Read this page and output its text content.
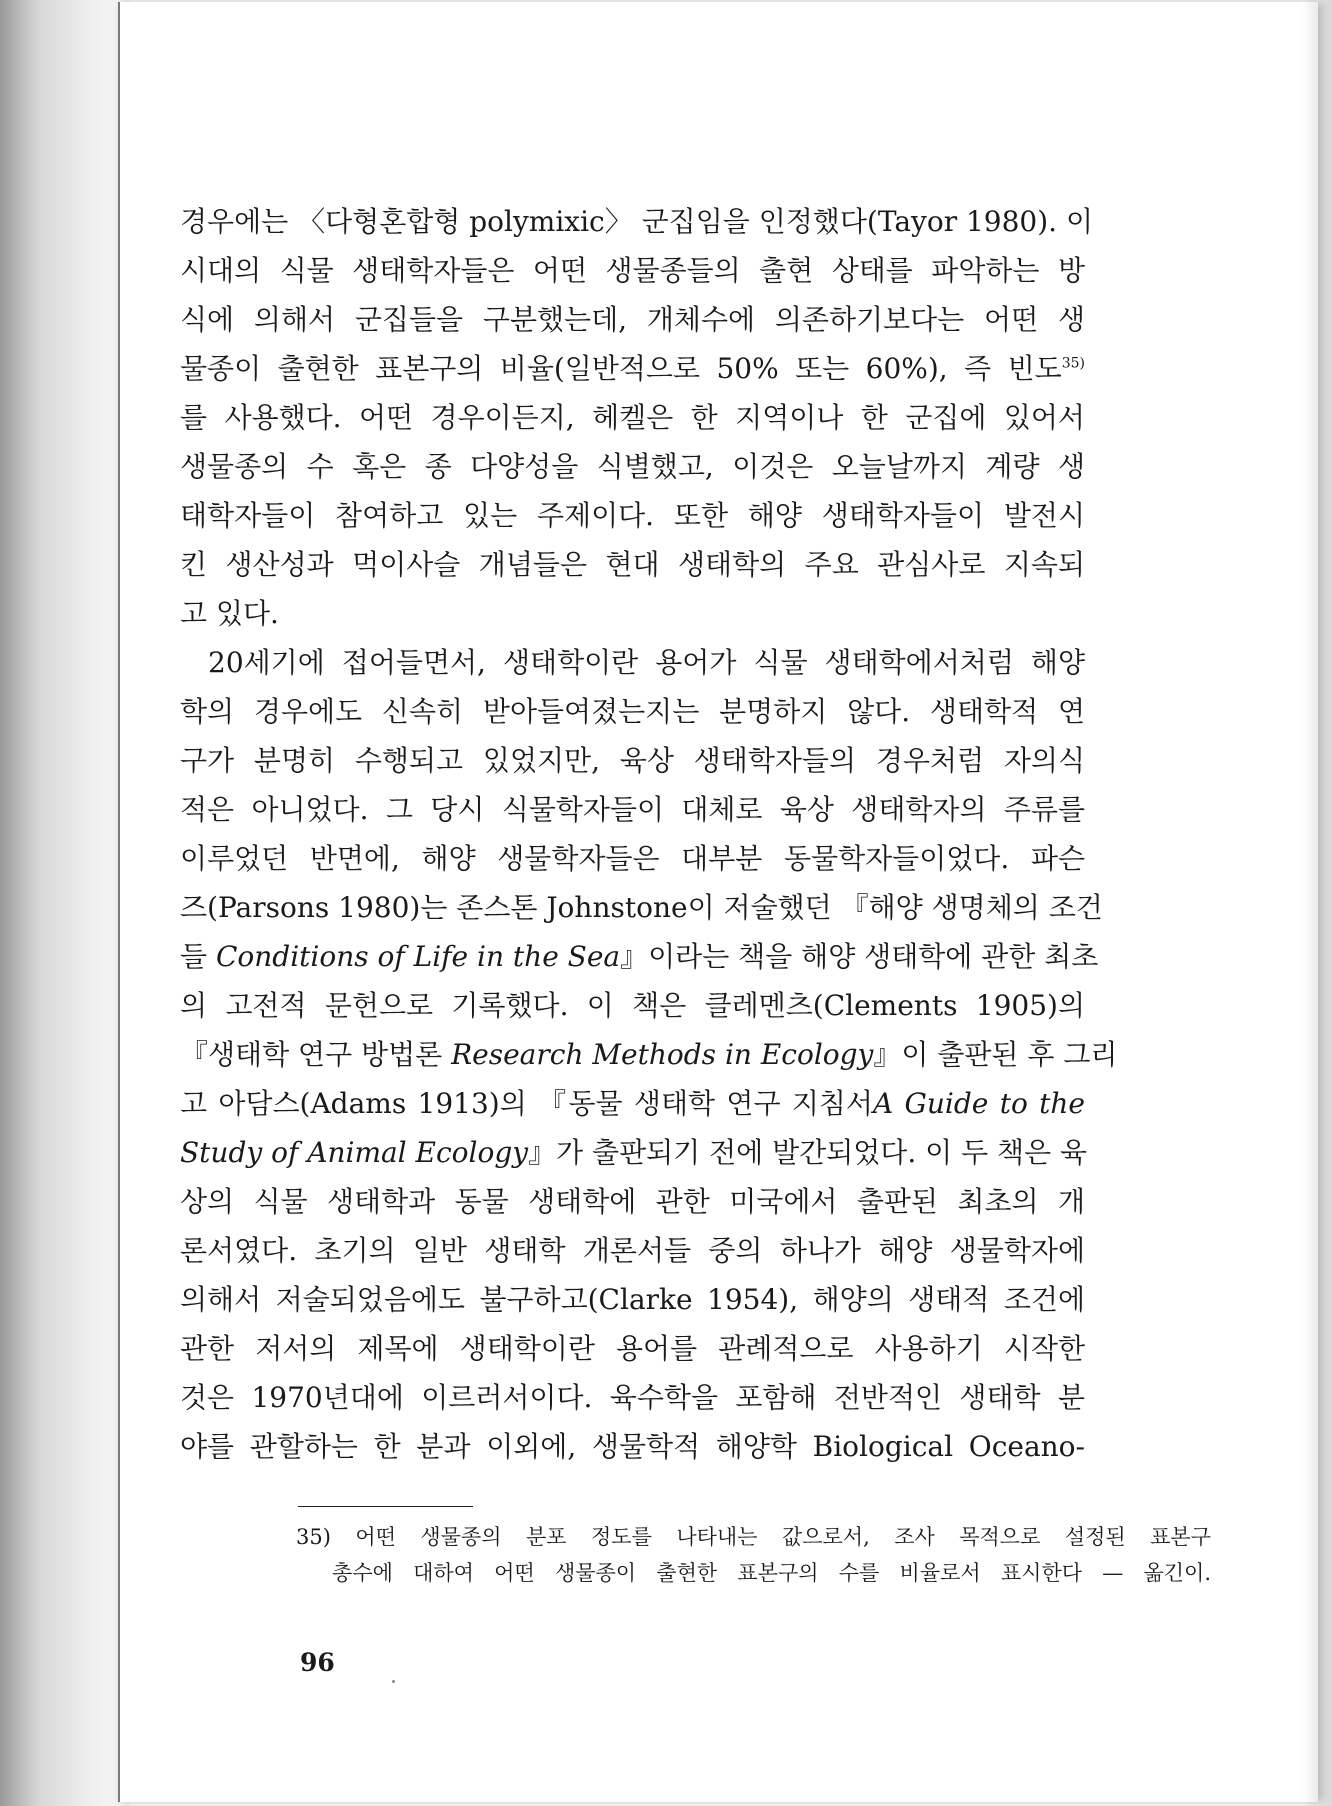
경우에는 〈다형혼합형 polymixic〉 군집임을 인정했다(Tayor 1980). 이
시대의 식물 생태학자들은 어떤 생물종들의 출현 상태를 파악하는 방
식에 의해서 군집들을 구분했는데, 개체수에 의존하기보다는 어떤 생
물종이 출현한 표본구의 비율(일반적으로 50% 또는 60%), 즉 빈도$^{35)}$
를 사용했다. 어떤 경우이든지, 헤켈은 한 지역이나 한 군집에 있어서
생물종의 수 혹은 종 다양성을 식별했고, 이것은 오늘날까지 계량 생
태학자들이 참여하고 있는 주제이다. 또한 해양 생태학자들이 발전시
킨 생산성과 먹이사슬 개념들은 현대 생태학의 주요 관심사로 지속되
고 있다.
20세기에 접어들면서, 생태학이란 용어가 식물 생태학에서처럼 해양
학의 경우에도 신속히 받아들여졌는지는 분명하지 않다. 생태학적 연
구가 분명히 수행되고 있었지만, 육상 생태학자들의 경우처럼 자의식
적은 아니었다. 그 당시 식물학자들이 대체로 육상 생태학자의 주류를
이루었던 반면에, 해양 생물학자들은 대부분 동물학자들이었다. 파슨
즈(Parsons 1980)는 존스톤 Johnstone이 저술했던 『해양 생명체의 조건
들 Conditions of Life in the Sea』이라는 책을 해양 생태학에 관한 최초
의 고전적 문헌으로 기록했다. 이 책은 클레멘츠(Clements 1905)의
『생태학 연구 방법론 Research Methods in Ecology』이 출판된 후 그리
고 아담스(Adams 1913)의 『동물 생태학 연구 지침서A Guide to the
Study of Animal Ecology』가 출판되기 전에 발간되었다. 이 두 책은 육
상의 식물 생태학과 동물 생태학에 관한 미국에서 출판된 최초의 개
론서였다. 초기의 일반 생태학 개론서들 중의 하나가 해양 생물학자에
의해서 저술되었음에도 불구하고(Clarke 1954), 해양의 생태적 조건에
관한 저서의 제목에 생태학이란 용어를 관례적으로 사용하기 시작한
것은 1970년대에 이르러서이다. 육수학을 포함해 전반적인 생태학 분
야를 관할하는 한 분과 이외에, 생물학적 해양학 Biological Oceano-
35) 어떤 생물종의 분포 정도를 나타내는 값으로서, 조사 목적으로 설정된 표본구
총수에 대하여 어떤 생물종이 출현한 표본구의 수를 비율로서 표시한다 — 옮긴이.
96
